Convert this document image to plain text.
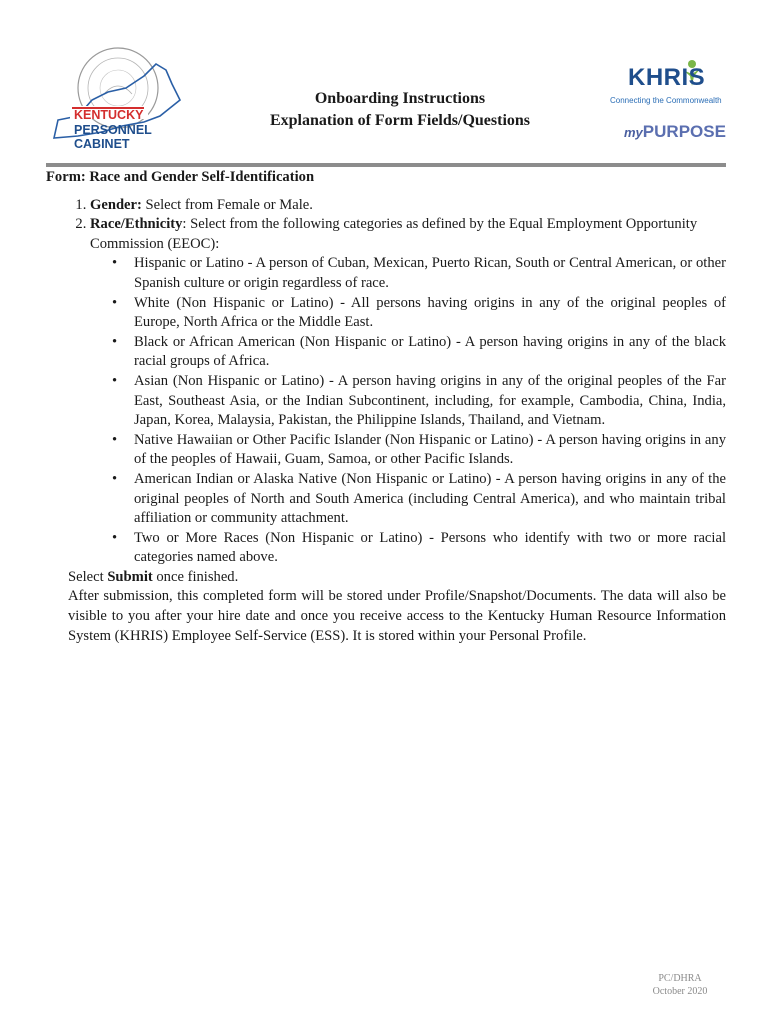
KENTUCKY
PERSONNEL
CABINET
Onboarding Instructions
Explanation of Form Fields/Questions
KHRIS
Connecting the Commonwealth
myPURPOSE

Form: Race and Gender Self-Identification

1. Gender: Select from Female or Male.
2. Race/Ethnicity: Select from the following categories as defined by the Equal Employment Opportunity Commission (EEOC):
• Hispanic or Latino - A person of Cuban, Mexican, Puerto Rican, South or Central American, or other Spanish culture or origin regardless of race.
• White (Non Hispanic or Latino) - All persons having origins in any of the original peoples of Europe, North Africa or the Middle East.
• Black or African American (Non Hispanic or Latino) - A person having origins in any of the black racial groups of Africa.
• Asian (Non Hispanic or Latino) - A person having origins in any of the original peoples of the Far East, Southeast Asia, or the Indian Subcontinent, including, for example, Cambodia, China, India, Japan, Korea, Malaysia, Pakistan, the Philippine Islands, Thailand, and Vietnam.
• Native Hawaiian or Other Pacific Islander (Non Hispanic or Latino) - A person having origins in any of the peoples of Hawaii, Guam, Samoa, or other Pacific Islands.
• American Indian or Alaska Native (Non Hispanic or Latino) - A person having origins in any of the original peoples of North and South America (including Central America), and who maintain tribal affiliation or community attachment.
• Two or More Races (Non Hispanic or Latino) - Persons who identify with two or more racial categories named above.

Select Submit once finished.

After submission, this completed form will be stored under Profile/Snapshot/Documents. The data will also be visible to you after your hire date and once you receive access to the Kentucky Human Resource Information System (KHRIS) Employee Self-Service (ESS). It is stored within your Personal Profile.

PC/DHRA
October 2020
